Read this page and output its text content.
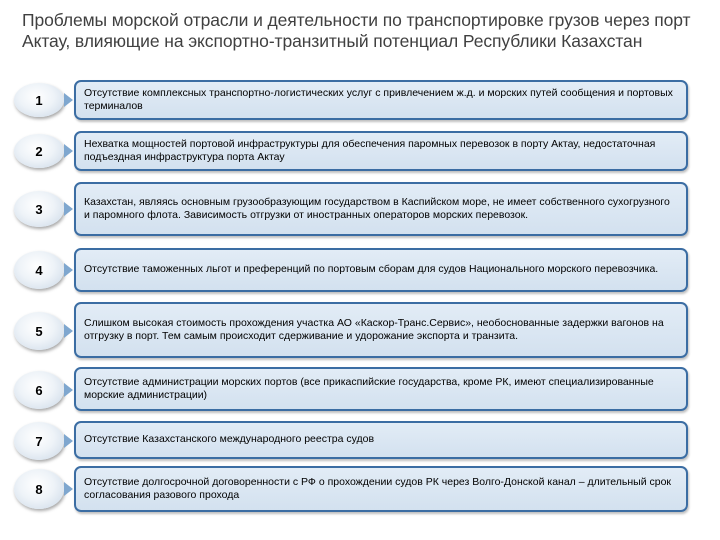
Проблемы морской отрасли и деятельности по транспортировке грузов через порт Актау, влияющие на экспортно-транзитный потенциал Республики Казахстан
1	Отсутствие комплексных транспортно-логистических услуг с привлечением ж.д. и морских путей сообщения и портовых терминалов
2	Нехватка мощностей портовой инфраструктуры для обеспечения паромных перевозок в порту Актау, недостаточная подъездная инфраструктура порта Актау
3	Казахстан, являясь основным грузообразующим государством в Каспийском море, не имеет собственного сухогрузного и паромного флота. Зависимость отгрузки от иностранных операторов морских перевозок.
4	Отсутствие таможенных льгот и преференций по портовым сборам для судов Национального морского перевозчика.
5
Слишком высокая стоимость прохождения участка АО «Каскор-Транс.Сервис», необоснованные задержки вагонов на отгрузку в порт. Тем самым происходит сдерживание и удорожание экспорта и транзита.
6
Отсутствие администрации морских портов (все прикаспийские государства, кроме РК, имеют специализированные морские администрации)
7	Отсутствие Казахстанского международного реестра судов
8	Отсутствие долгосрочной договоренности с РФ о прохождении судов РК через Волго-Донской канал – длительный срок согласования разового прохода
